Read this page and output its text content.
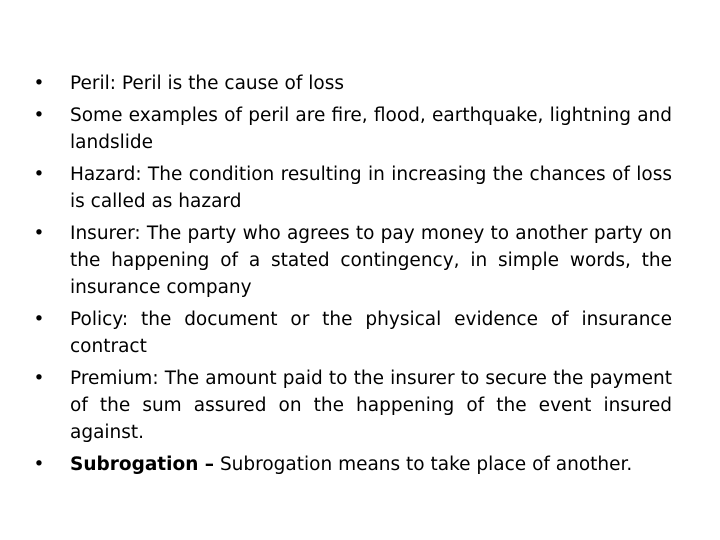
• Peril: Peril is the cause of loss
• Some examples of peril are fire, flood, earthquake, lightning and landslide
• Hazard: The condition resulting in increasing the chances of loss is called as hazard
• Insurer: The party who agrees to pay money to another party on the happening of a stated contingency, in simple words, the insurance company
• Policy: the document or the physical evidence of insurance contract
• Premium: The amount paid to the insurer to secure the payment of the sum assured on the happening of the event insured against.
• Subrogation – Subrogation means to take place of another.
